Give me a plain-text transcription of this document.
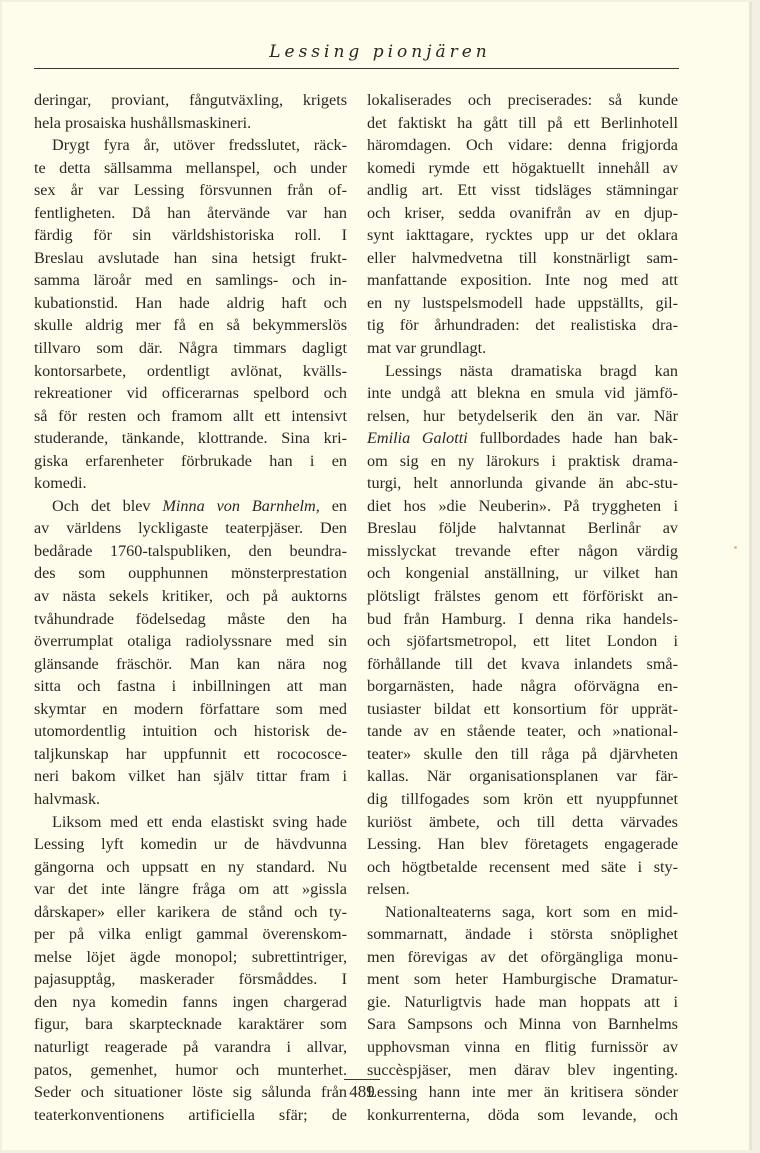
Lessing pionjären
deringar, proviant, fångutväxling, krigets
hela prosaiska hushållsmaskineri.
Drygt fyra år, utöver fredsslutet, räck-
te detta sällsamma mellanspel, och under
sex år var Lessing försvunnen från of-
fentligheten. Då han återvände var han
färdig för sin världshistoriska roll. I
Breslau avslutade han sina hetsigt frukt-
samma läroår med en samlings- och in-
kubationstid. Han hade aldrig haft och
skulle aldrig mer få en så bekymmerslös
tillvaro som där. Några timmars dagligt
kontorsarbete, ordentligt avlönat, kvälls-
rekreationer vid officerarnas spelbord och
så för resten och framom allt ett intensivt
studerande, tänkande, klottrande. Sina kri-
giska erfarenheter förbrukade han i en
komedi.
Och det blev Minna von Barnhelm, en
av världens lyckligaste teaterpjäser. Den
bedårade 1760-talspubliken, den beundra-
des som oupphunnen mönsterprestation
av nästa sekels kritiker, och på auktorns
tvåhundrade födelsedag måste den ha
överrumplat otaliga radiolyssnare med sin
glänsande fräschör. Man kan nära nog
sitta och fastna i inbillningen att man
skymtar en modern författare som med
utomordentlig intuition och historisk de-
taljkunskap har uppfunnit ett rococosce-
neri bakom vilket han själv tittar fram i
halvmask.
Liksom med ett enda elastiskt sving hade
Lessing lyft komedin ur de hävdvunna
gängorna och uppsatt en ny standard. Nu
var det inte längre fråga om att »gissla
dårskaper» eller karikera de stånd och ty-
per på vilka enligt gammal överenskom-
melse löjet ägde monopol; subrettintriger,
pajasupptåg, maskerader försmåddes. I
den nya komedin fanns ingen chargerad
figur, bara skarptecknade karaktärer som
naturligt reagerade på varandra i allvar,
patos, gemenhet, humor och munterhet.
Seder och situationer löste sig sålunda från
teaterkonventionens artificiella sfär; de
lokaliserades och preciserades: så kunde
det faktiskt ha gått till på ett Berlinhotell
häromdagen. Och vidare: denna frigjorda
komedi rymde ett högaktuellt innehåll av
andlig art. Ett visst tidsläges stämningar
och kriser, sedda ovanifrån av en djup-
synt iakttagare, rycktes upp ur det oklara
eller halvmedvetna till konstnärligt sam-
manfattande exposition. Inte nog med att
en ny lustspelsmodell hade uppställts, gil-
tig för århundraden: det realistiska dra-
mat var grundlagt.
Lessings nästa dramatiska bragd kan
inte undgå att blekna en smula vid jämfö-
relsen, hur betydelserik den än var. När
Emilia Galotti fullbordades hade han bak-
om sig en ny lärokurs i praktisk drama-
turgi, helt annorlunda givande än abc-stu-
diet hos »die Neuberin». På tryggheten i
Breslau följde halvtannat Berlinår av
misslyckat trevande efter någon värdig
och kongenial anställning, ur vilket han
plötsligt frälstes genom ett förföriskt an-
bud från Hamburg. I denna rika handels-
och sjöfartsmetropol, ett litet London i
förhållande till det kvava inlandets små-
borgarnästen, hade några oförvägna en-
tusiaster bildat ett konsortium för upprät-
tande av en stående teater, och »national-
teater» skulle den till råga på djärvheten
kallas. När organisationsplanen var fär-
dig tillfogades som krön ett nyuppfunnet
kuriöst ämbete, och till detta värvades
Lessing. Han blev företagets engagerade
och högtbetalde recensent med säte i sty-
relsen.
Nationalteaterns saga, kort som en mid-
sommarnatt, ändade i största snöplighet
men förevigas av det oförgängliga monu-
ment som heter Hamburgische Dramatur-
gie. Naturligtvis hade man hoppats att i
Sara Sampsons och Minna von Barnhelms
upphovsman vinna en flitig furnissör av
succèspjäser, men därav blev ingenting.
Lessing hann inte mer än kritisera sönder
konkurrenterna, döda som levande, och
489
